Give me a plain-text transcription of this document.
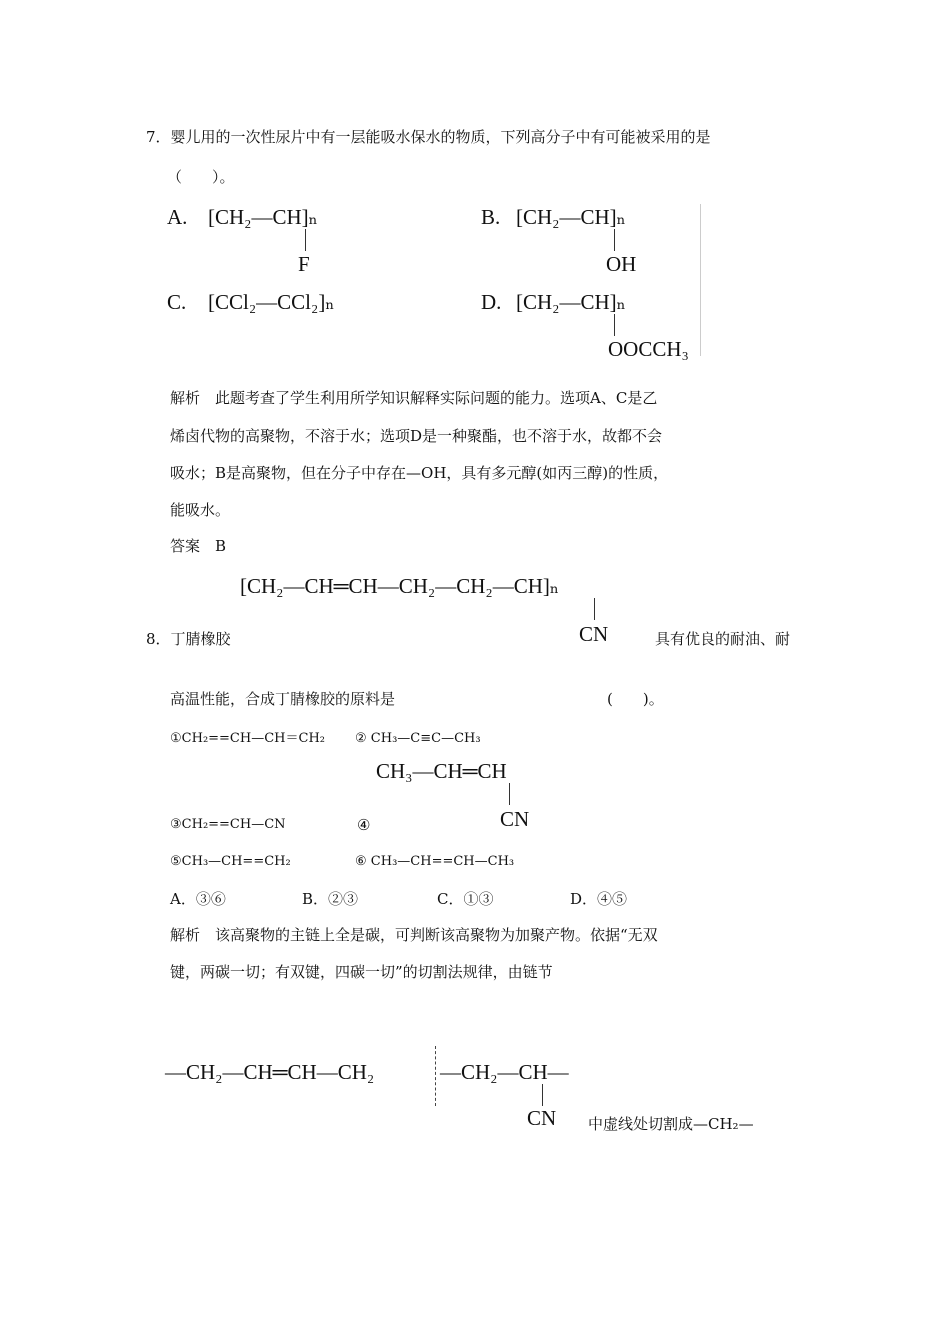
7．婴儿用的一次性尿片中有一层能吸水保水的物质，下列高分子中有可能被采用的是
（　　）。
A. [CH₂—CH]ₙ
F
B. [CH₂—CH]ₙ
OH
C. [CCl₂—CCl₂]ₙ	D. [CH₂—CH]ₙ
OOCCH₃
解析　此题考查了学生利用所学知识解释实际问题的能力。选项A、C是乙
烯卤代物的高聚物，不溶于水；选项D是一种聚酯，也不溶于水，故都不会
吸水；B是高聚物，但在分子中存在—OH，具有多元醇(如丙三醇)的性质，
能吸水。
答案　B
[CH₂—CH═CH—CH₂—CH₂—CH]ₙ
CN
8．丁腈橡胶	具有优良的耐油、耐
高温性能，合成丁腈橡胶的原料是	(　　)。
①CH₂==CH—CH＝CH₂ ② CH₃—C≡C—CH₃
CH₃—CH═CH
CN
③CH₂==CH—CN	④
⑤CH₃—CH==CH₂	⑥ CH₃—CH==CH—CH₃
A．③⑥	B．②③	C．①③	D．④⑤
解析　该高聚物的主链上全是碳，可判断该高聚物为加聚产物。依据“无双
键，两碳一切；有双键，四碳一切”的切割法规律，由链节
—CH₂—CH═CH—CH₂	—CH₂—CH—
CN 中虚线处切割成—CH₂—
